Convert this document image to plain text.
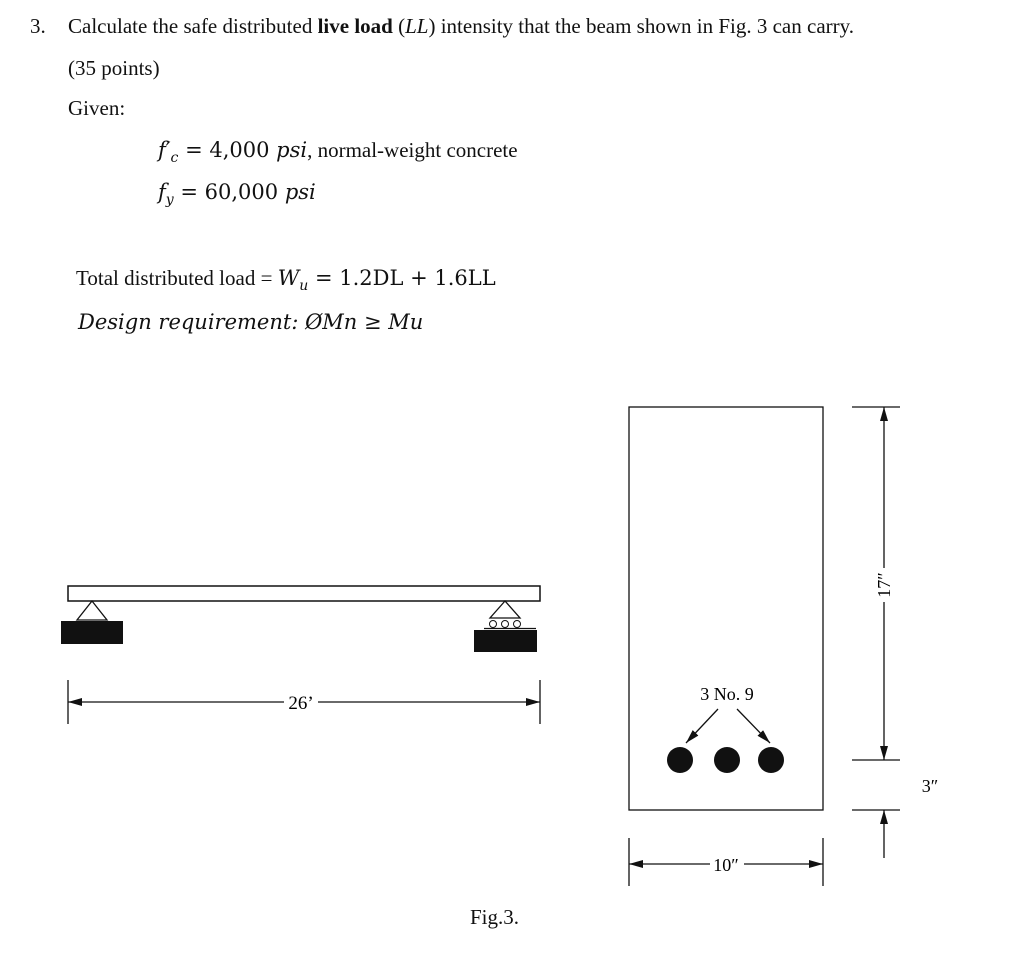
3. Calculate the safe distributed live load (LL) intensity that the beam shown in Fig. 3 can carry.
(35 points)
Given:
$f'_c = 4,000$ psi, normal-weight concrete
$f_y = 60,000$ psi
Total distributed load = $W_u = 1.2DL + 1.6LL$
Design requirement: ØMn ≥ Mu
26’	3 No. 9
10″
17″
3″
Fig.3.
